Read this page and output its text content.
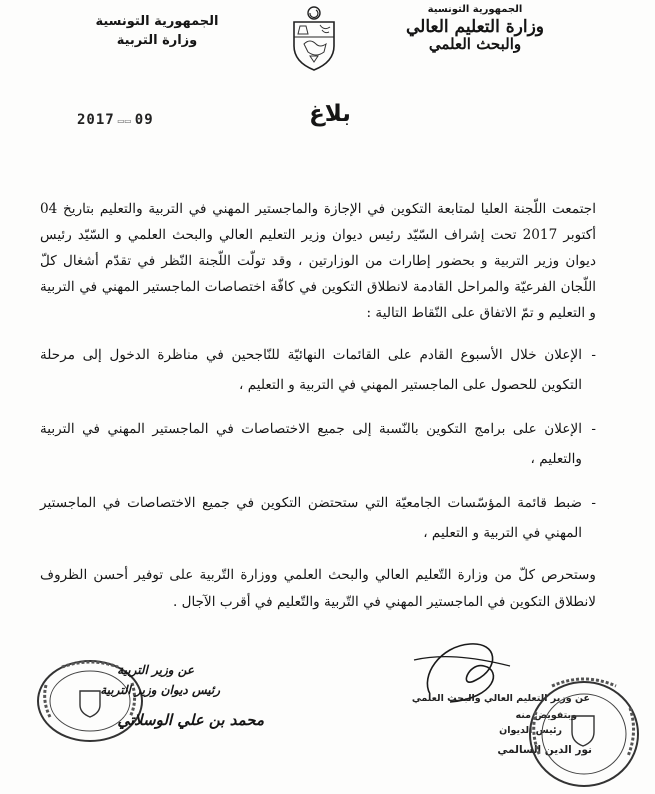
الجمهورية التونسية
وزارة التربية
الجمهورية التونسية
وزارة التعليم العالي
والبحث العلمي
2017 ▭▭ 09	بلاغ
اجتمعت اللّجنة العليا لمتابعة التكوين في الإجازة والماجستير المهني في التربية والتعليم بتاريخ 04 أكتوبر 2017 تحت إشراف السّيّد رئيس ديوان وزير التعليم العالي والبحث العلمي و السّيّد رئيس ديوان وزير التربية و بحضور إطارات من الوزارتين ، وقد تولّت اللّجنة النّظر في تقدّم أشغال كلّ اللّجان الفرعيّة والمراحل القادمة لانطلاق التكوين في كافّة اختصاصات الماجستير المهني في التربية و التعليم و تمّ الاتفاق على النّقاط التالية :
-
الإعلان خلال الأسبوع القادم على القائمات النهائيّة للنّاجحين في مناظرة الدخول إلى مرحلة التكوين للحصول على الماجستير المهني في التربية و التعليم ،
-
الإعلان على برامج التكوين بالنّسبة إلى جميع الاختصاصات في الماجستير المهني في التربية والتعليم ،
-
ضبط قائمة المؤسّسات الجامعيّة التي ستحتضن التكوين في جميع الاختصاصات في الماجستير المهني في التربية و التعليم ،
وستحرص كلّ من وزارة التّعليم العالي والبحث العلمي ووزارة التّربية على توفير أحسن الظروف لانطلاق التكوين في الماجستير المهني في التّربية والتّعليم في أقرب الآجال .
عن وزير التربية
رئيس ديوان وزير التربية
محمد بن علي الوسلاتي
عن وزير التعليم العالي والبحث العلمي
وبتفويض منه
رئيس الديوان
نور الدين السالمي
